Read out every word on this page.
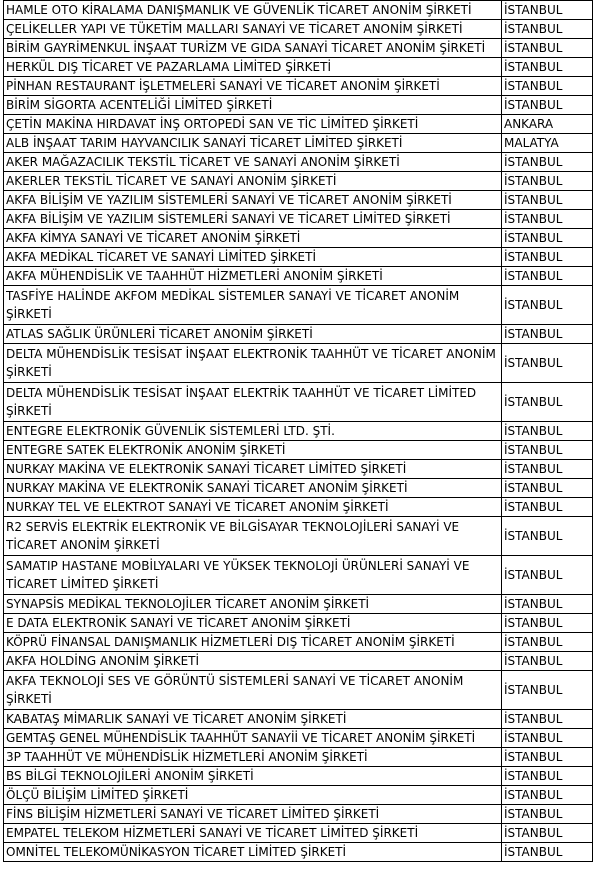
HAMLE OTO KİRALAMA DANIŞMANLIK VE GÜVENLİK TİCARET ANONİM ŞİRKETİ	İSTANBUL

ÇELİKELLER YAPI VE TÜKETİM MALLARI SANAYİ VE TİCARET ANONİM ŞİRKETİ	İSTANBUL

BİRİM GAYRİMENKUL İNŞAAT TURİZM VE GIDA SANAYİ TİCARET ANONİM ŞİRKETİ	İSTANBUL

HERKÜL DIŞ TİCARET VE PAZARLAMA LİMİTED ŞİRKETİ	İSTANBUL

PİNHAN RESTAURANT İŞLETMELERİ SANAYİ VE TİCARET ANONİM ŞİRKETİ	İSTANBUL

BİRİM SİGORTA ACENTELİĞİ LİMİTED ŞİRKETİ	İSTANBUL

ÇETİN MAKİNA HIRDAVAT İNŞ ORTOPEDİ SAN VE TİC LİMİTED ŞİRKETİ	ANKARA

ALB İNŞAAT TARIM HAYVANCILIK SANAYİ TİCARET LİMİTED ŞİRKETİ	MALATYA

AKER MAĞAZACILIK TEKSTİL TİCARET VE SANAYİ ANONİM ŞİRKETİ	İSTANBUL

AKERLER TEKSTİL TİCARET VE SANAYİ ANONİM ŞİRKETİ	İSTANBUL

AKFA BİLİŞİM VE YAZILIM SİSTEMLERİ SANAYİ VE TİCARET ANONİM ŞİRKETİ	İSTANBUL

AKFA BİLİŞİM VE YAZILIM SİSTEMLERİ SANAYİ VE TİCARET LİMİTED ŞİRKETİ	İSTANBUL

AKFA KİMYA SANAYİ VE TİCARET ANONİM ŞİRKETİ	İSTANBUL

AKFA MEDİKAL TİCARET VE SANAYİ LİMİTED ŞİRKETİ	İSTANBUL

AKFA MÜHENDİSLİK VE TAAHHÜT HİZMETLERİ ANONİM ŞİRKETİ	İSTANBUL

TASFİYE HALİNDE AKFOM MEDİKAL SİSTEMLER SANAYİ VE TİCARET ANONİM ŞİRKETİ	İSTANBUL

ATLAS SAĞLIK ÜRÜNLERİ TİCARET ANONİM ŞİRKETİ	İSTANBUL

DELTA MÜHENDİSLİK TESİSAT İNŞAAT ELEKTRONİK TAAHHÜT VE TİCARET ANONİM ŞİRKETİ	İSTANBUL

DELTA MÜHENDİSLİK TESİSAT İNŞAAT ELEKTRİK TAAHHÜT VE TİCARET LİMİTED ŞİRKETİ	İSTANBUL

ENTEGRE ELEKTRONİK GÜVENLİK SİSTEMLERİ LTD. ŞTİ.	İSTANBUL

ENTEGRE SATEK ELEKTRONİK ANONİM ŞİRKETİ	İSTANBUL

NURKAY MAKİNA VE ELEKTRONİK SANAYİ TİCARET LİMİTED ŞİRKETİ	İSTANBUL

NURKAY MAKİNA VE ELEKTRONİK SANAYİ TİCARET ANONİM ŞİRKETİ	İSTANBUL

NURKAY TEL VE ELEKTROT SANAYİ VE TİCARET ANONİM ŞİRKETİ	İSTANBUL

R2 SERVİS ELEKTRİK ELEKTRONİK VE BİLGİSAYAR TEKNOLOJİLERİ SANAYİ VE TİCARET ANONİM ŞİRKETİ	İSTANBUL

SAMATIP HASTANE MOBİLYALARI VE YÜKSEK TEKNOLOJİ ÜRÜNLERİ SANAYİ VE TİCARET LİMİTED ŞİRKETİ	İSTANBUL

SYNAPSİS MEDİKAL TEKNOLOJİLER TİCARET ANONİM ŞİRKETİ	İSTANBUL

E DATA ELEKTRONİK SANAYİ VE TİCARET ANONİM ŞİRKETİ	İSTANBUL

KÖPRÜ FİNANSAL DANIŞMANLIK HİZMETLERİ DIŞ TİCARET ANONİM ŞİRKETİ	İSTANBUL

AKFA HOLDİNG ANONİM ŞİRKETİ	İSTANBUL

AKFA TEKNOLOJİ SES VE GÖRÜNTÜ SİSTEMLERİ SANAYİ VE TİCARET ANONİM ŞİRKETİ	İSTANBUL

KABATAŞ MİMARLIK SANAYİ VE TİCARET ANONİM ŞİRKETİ	İSTANBUL

GEMTAŞ GENEL MÜHENDİSLİK TAAHHÜT SANAYİİ VE TİCARET ANONİM ŞİRKETİ	İSTANBUL

3P TAAHHÜT VE MÜHENDİSLİK HİZMETLERİ ANONİM ŞİRKETİ	İSTANBUL

BS BİLGİ TEKNOLOJİLERİ ANONİM ŞİRKETİ	İSTANBUL

ÖLÇÜ BİLİŞİM LİMİTED ŞİRKETİ	İSTANBUL

FİNS BİLİŞİM HİZMETLERİ SANAYİ VE TİCARET LİMİTED ŞİRKETİ	İSTANBUL

EMPATEL TELEKOM HİZMETLERİ SANAYİ VE TİCARET LİMİTED ŞİRKETİ	İSTANBUL

OMNİTEL TELEKOMÜNİKASYON TİCARET LİMİTED ŞİRKETİ	İSTANBUL
